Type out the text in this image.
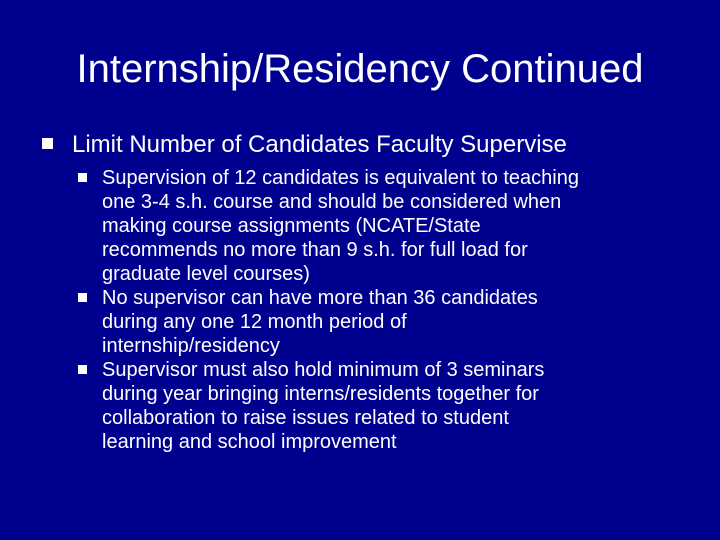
Internship/Residency Continued
Limit Number of Candidates Faculty Supervise
Supervision of 12 candidates is equivalent to teaching
one 3-4 s.h. course and should be considered when
making course assignments (NCATE/State
recommends no more than 9 s.h. for full load for
graduate level courses)
No supervisor can have more than 36 candidates
during any one 12 month period of
internship/residency
Supervisor must also hold minimum of 3 seminars
during year bringing interns/residents together for
collaboration to raise issues related to student
learning and school improvement
